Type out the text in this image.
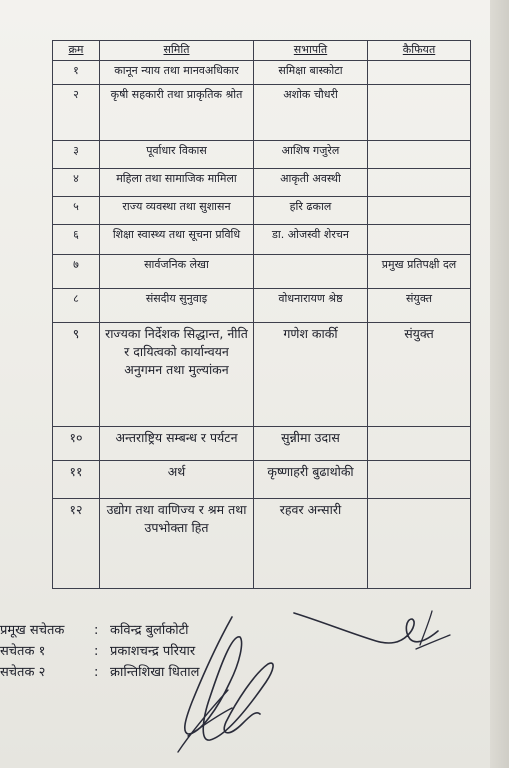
क्रम	समिति	सभापति	कैफियत
१	कानून न्याय तथा मानवअधिकार	समिक्षा बास्कोटा	
२	कृषी सहकारी तथा प्राकृतिक श्रोत	अशोक चौधरी	
३	पूर्वाधार विकास	आशिष गजुरेल	
४	महिला तथा सामाजिक मामिला	आकृती अवस्थी	
५	राज्य व्यवस्था तथा सुशासन	हरि ढकाल	
६	शिक्षा स्वास्थ्य तथा सूचना प्रविधि	डा. ओजस्वी शेरचन	
७	सार्वजनिक लेखा		प्रमुख प्रतिपक्षी दल
८	संसदीय सुनुवाइ	वोधनारायण श्रेष्ठ	संयुक्त
९	राज्यका निर्देशक सिद्धान्त, नीति र दायित्वको कार्यान्वयन अनुगमन तथा मुल्यांकन	गणेश कार्की	संयुक्त
१०	अन्तराष्ट्रिय सम्बन्ध र पर्यटन	सुन्नीमा उदास	
११	अर्थ	कृष्णाहरी बुढाथोकी	
१२	उद्योग तथा वाणिज्य र श्रम तथा उपभोक्ता हित	रहवर अन्सारी	
प्रमूख सचेतक : कविन्द्र बुर्लाकोटी
सचेतक १	: प्रकाशचन्द्र परियार
सचेतक २	: क्रान्तिशिखा धिताल
